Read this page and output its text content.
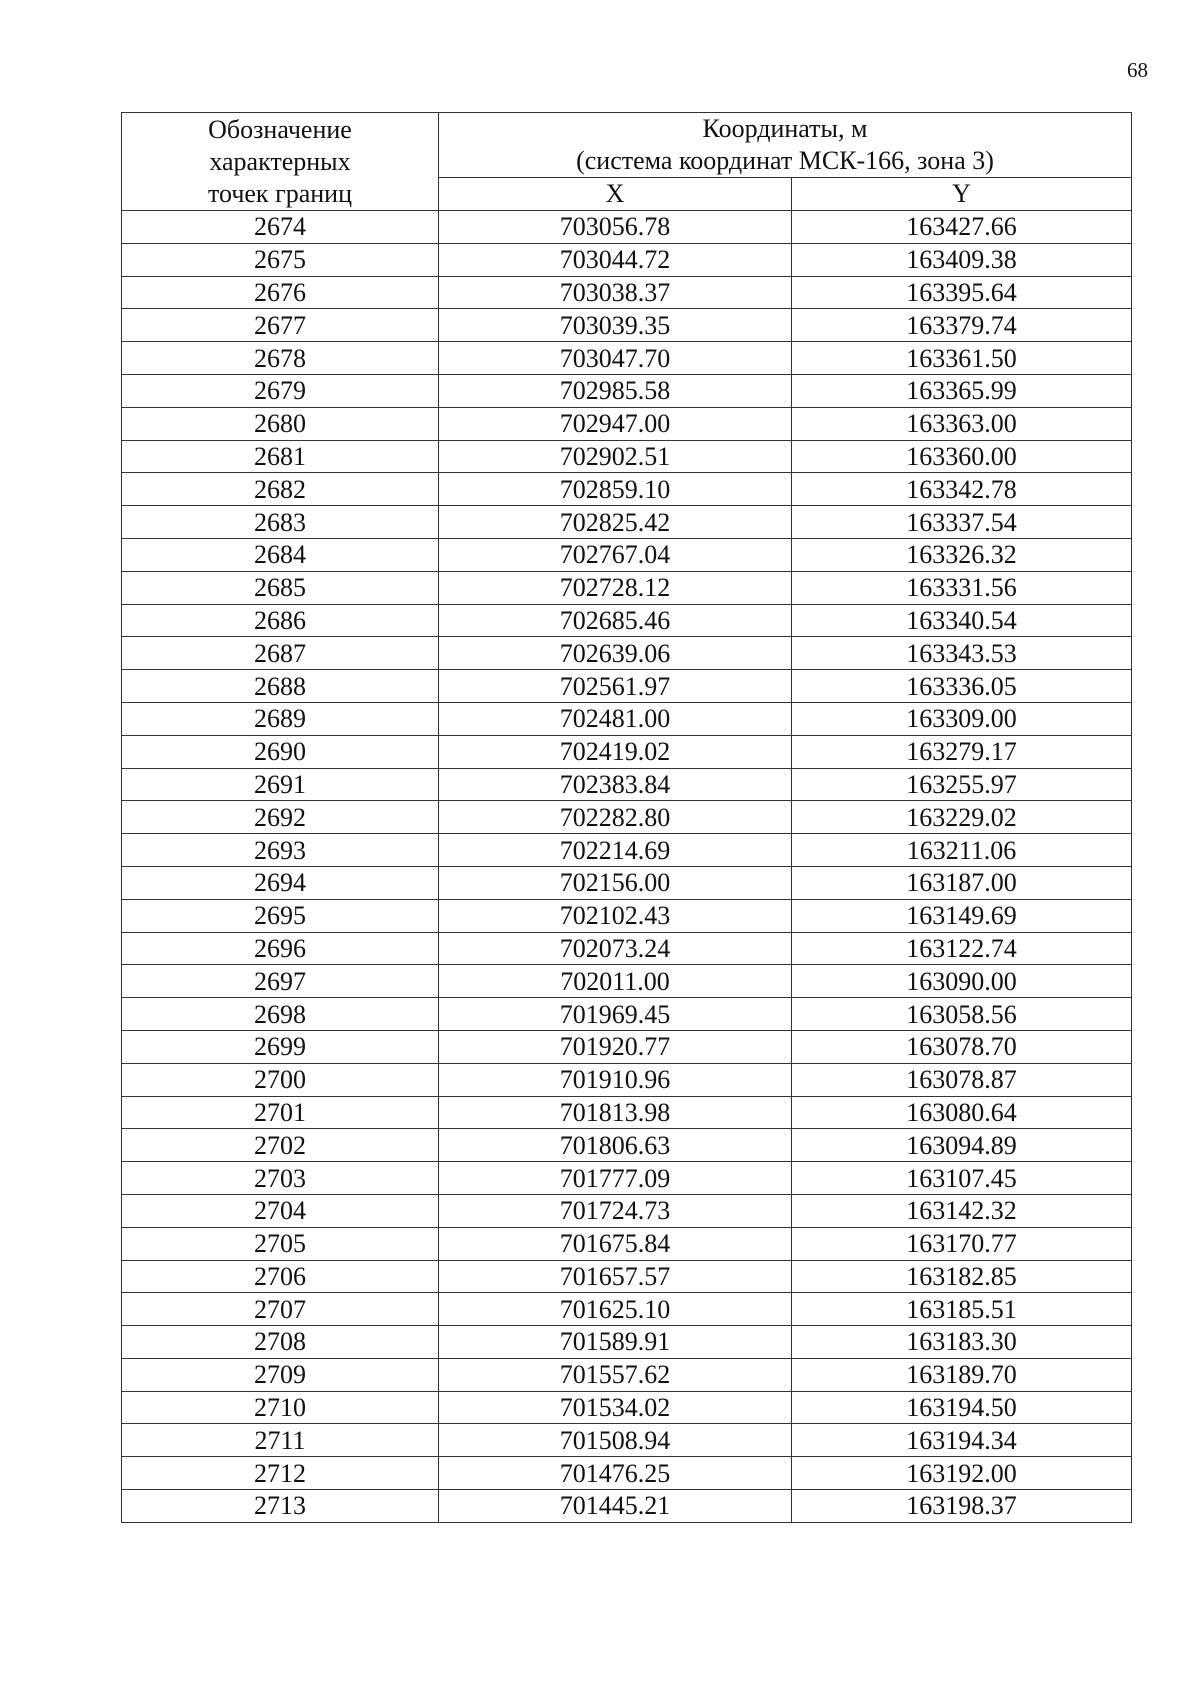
68
Обозначение
характерных
точек границ	Координаты, м
(система координат МСК-166, зона 3)	

	X	Y
2674	703056.78	163427.66
2675	703044.72	163409.38
2676	703038.37	163395.64
2677	703039.35	163379.74
2678	703047.70	163361.50
2679	702985.58	163365.99
2680	702947.00	163363.00
2681	702902.51	163360.00
2682	702859.10	163342.78
2683	702825.42	163337.54
2684	702767.04	163326.32
2685	702728.12	163331.56
2686	702685.46	163340.54
2687	702639.06	163343.53
2688	702561.97	163336.05
2689	702481.00	163309.00
2690	702419.02	163279.17
2691	702383.84	163255.97
2692	702282.80	163229.02
2693	702214.69	163211.06
2694	702156.00	163187.00
2695	702102.43	163149.69
2696	702073.24	163122.74
2697	702011.00	163090.00
2698	701969.45	163058.56
2699	701920.77	163078.70
2700	701910.96	163078.87
2701	701813.98	163080.64
2702	701806.63	163094.89
2703	701777.09	163107.45
2704	701724.73	163142.32
2705	701675.84	163170.77
2706	701657.57	163182.85
2707	701625.10	163185.51
2708	701589.91	163183.30
2709	701557.62	163189.70
2710	701534.02	163194.50
2711	701508.94	163194.34
2712	701476.25	163192.00
2713	701445.21	163198.37
